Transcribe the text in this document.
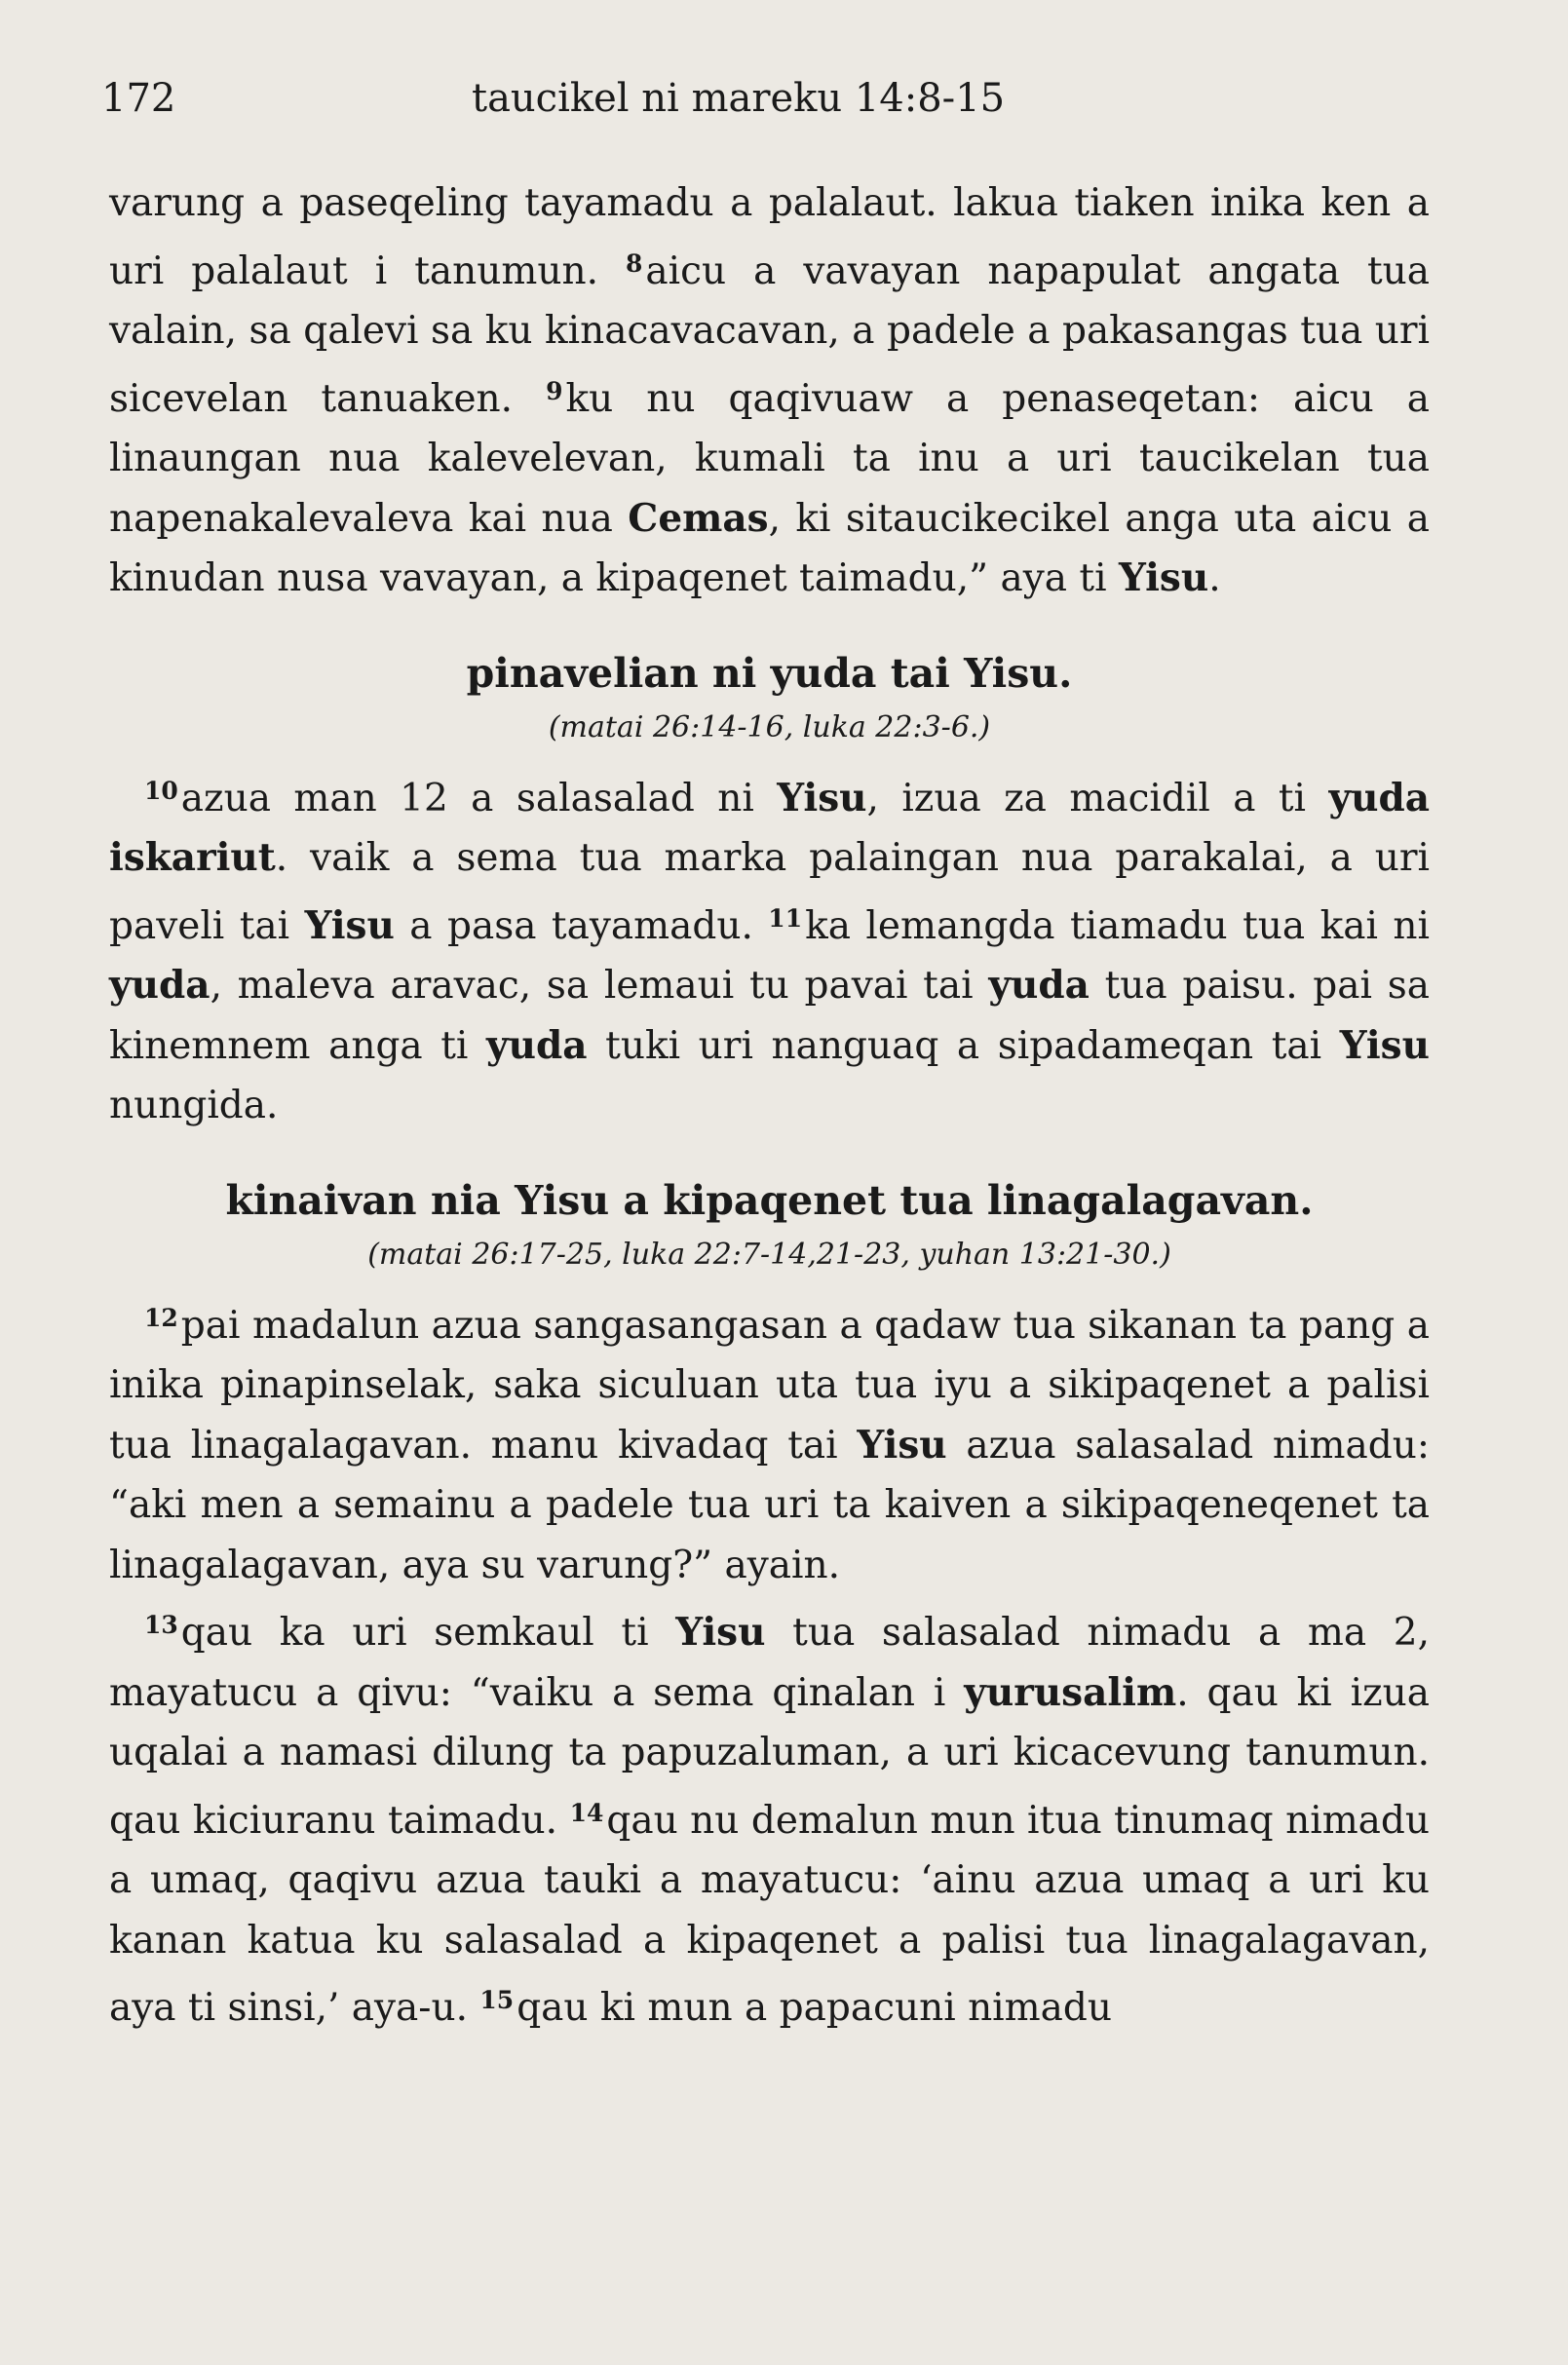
172	taucikel ni mareku 14:8-15

varung a paseqeling tayamadu a palalaut. lakua tiaken inika ken a uri palalaut i tanumun. $^8$aicu a vavayan napapulat angata tua valain, sa qalevi sa ku kinacavacavan, a padele a pakasangas tua uri sicevelan tanuaken. $^9$ku nu qaqivuaw a penaseqetan: aicu a linaungan nua kalevelevan, kumali ta inu a uri taucikelan tua napenakalevaleva kai nua Cemas, ki sitaucikecikel anga uta aicu a kinudan nusa vavayan, a kipaqenet taimadu,” aya ti Yisu.

pinavelian ni yuda tai Yisu.
(matai 26:14-16, luka 22:3-6.)

$^{10}$azua man 12 a salasalad ni Yisu, izua za macidil a ti yuda iskariut. vaik a sema tua marka palaingan nua parakalai, a uri paveli tai Yisu a pasa tayamadu. $^{11}$ka lemangda tiamadu tua kai ni yuda, maleva aravac, sa lemaui tu pavai tai yuda tua paisu. pai sa kinemnem anga ti yuda tuki uri nanguaq a sipadameqan tai Yisu nungida.

kinaivan nia Yisu a kipaqenet tua linagalagavan.
(matai 26:17-25, luka 22:7-14,21-23, yuhan 13:21-30.)

$^{12}$pai madalun azua sangasangasan a qadaw tua sikanan ta pang a inika pinapinselak, saka siculuan uta tua iyu a sikipaqenet a palisi tua linagalagavan. manu kivadaq tai Yisu azua salasalad nimadu: “aki men a semainu a padele tua uri ta kaiven a sikipaqeneqenet ta linagalagavan, aya su varung?” ayain.

$^{13}$qau ka uri semkaul ti Yisu tua salasalad nimadu a ma 2, mayatucu a qivu: “vaiku a sema qinalan i yurusalim. qau ki izua uqalai a namasi dilung ta papuzaluman, a uri kicacevung tanumun. qau kiciuranu taimadu. $^{14}$qau nu demalun mun itua tinumaq nimadu a umaq, qaqivu azua tauki a mayatucu: ‘ainu azua umaq a uri ku kanan katua ku salasalad a kipaqenet a palisi tua linagalagavan, aya ti sinsi,’ aya-u. $^{15}$qau ki mun a papacuni nimadu
